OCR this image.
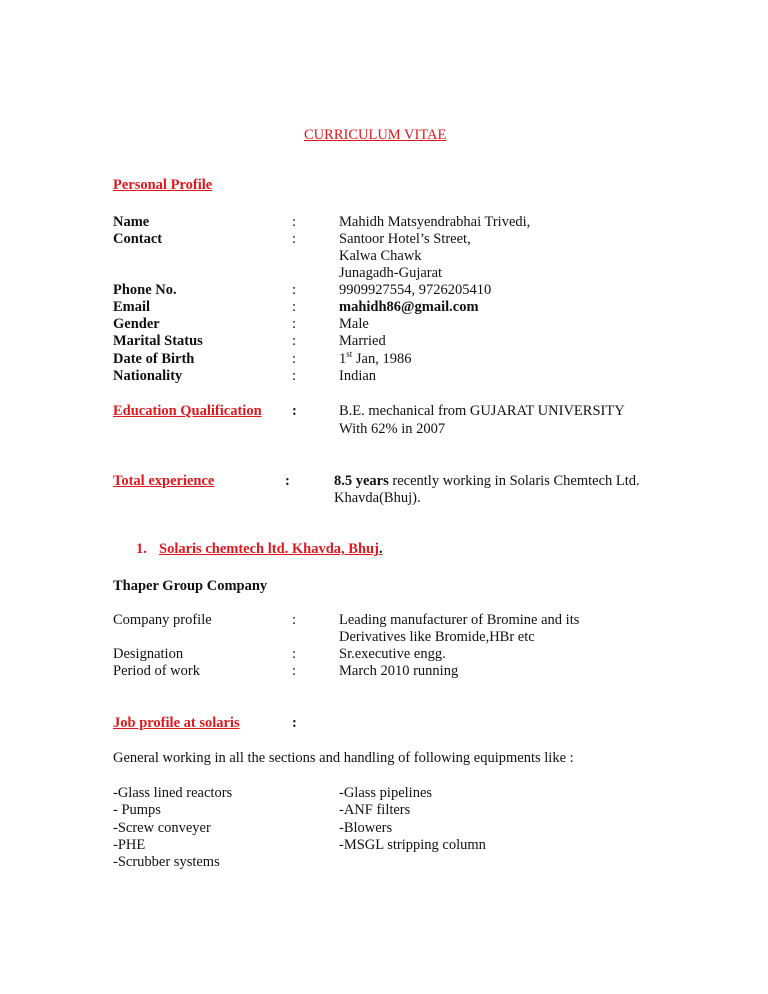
CURRICULUM VITAE
Personal Profile
Name	:	Mahidh Matsyendrabhai Trivedi,
Contact	:	Santoor Hotel’s Street,
Kalwa Chawk
Junagadh-Gujarat
Phone No.	:	9909927554, 9726205410
Email	:	mahidh86@gmail.com
Gender	:	Male
Marital Status	:	Married
Date of Birth	:	1st Jan, 1986
Nationality	:	Indian
Education Qualification :	B.E. mechanical from GUJARAT UNIVERSITY
With 62% in 2007
Total experience	:	8.5 years recently working in Solaris Chemtech Ltd.
Khavda(Bhuj).
1. Solaris chemtech ltd. Khavda, Bhuj.
Thaper Group Company
Company profile	:	Leading manufacturer of Bromine and its
Derivatives like Bromide,HBr etc
Designation	:	Sr.executive engg.
Period of work	:	March 2010 running
Job profile at solaris	:
General working in all the sections and handling of following equipments like :
-Glass lined reactors
- Pumps
-Screw conveyer
-PHE
-Scrubber systems
-Glass pipelines
-ANF filters
-Blowers
-MSGL stripping column
